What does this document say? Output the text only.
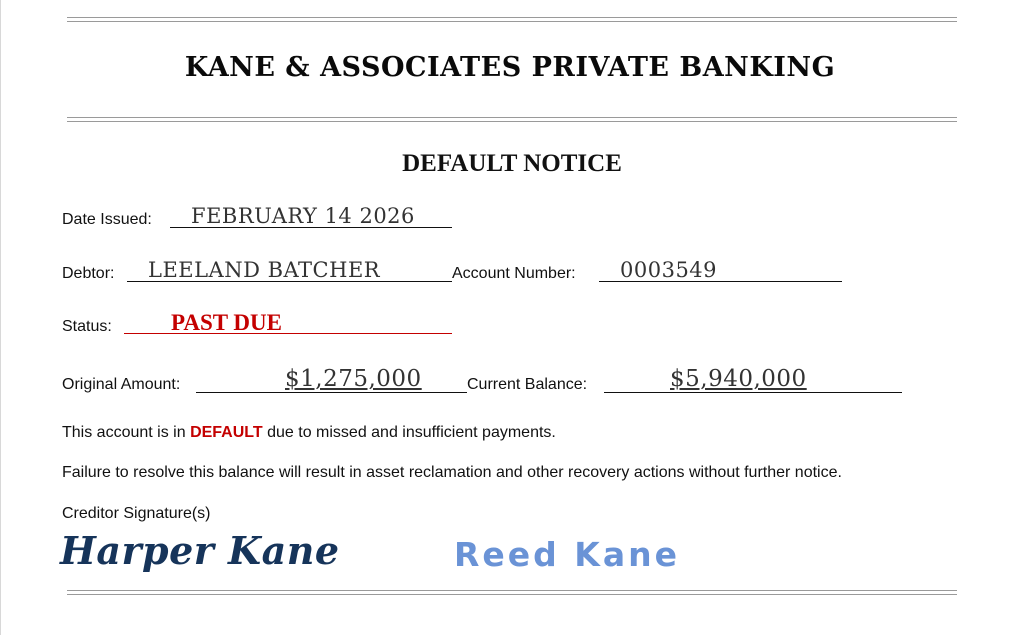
KANE & ASSOCIATES PRIVATE BANKING
DEFAULT NOTICE
Date Issued: FEBRUARY 14 2026
Debtor: LEELAND BATCHER	Account Number: 0003549
Status:	PAST DUE
Original Amount:	$1,275,000	Current Balance:	$5,940,000
This account is in DEFAULT due to missed and insufficient payments.
Failure to resolve this balance will result in asset reclamation and other recovery actions without further notice.
Creditor Signature(s)
Harper Kane	Reed Kane
